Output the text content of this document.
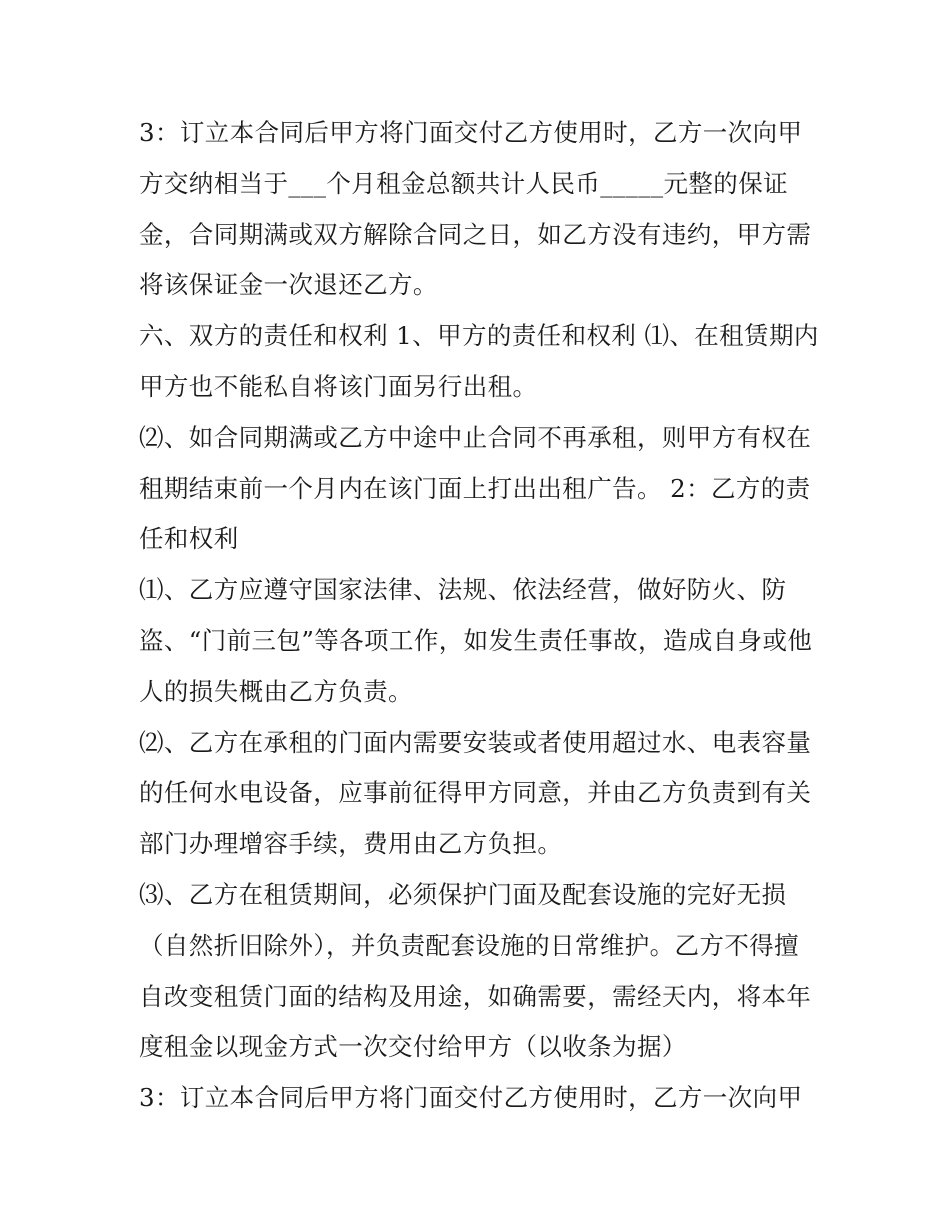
3：订立本合同后甲方将门面交付乙方使用时，乙方一次向甲
方交纳相当于___个月租金总额共计人民币_____元整的保证
金，合同期满或双方解除合同之日，如乙方没有违约，甲方需
将该保证金一次退还乙方。
六、双方的责任和权利 1、甲方的责任和权利 ⑴、在租赁期内
甲方也不能私自将该门面另行出租。
⑵、如合同期满或乙方中途中止合同不再承租，则甲方有权在
租期结束前一个月内在该门面上打出出租广告。 2：乙方的责
任和权利
⑴、乙方应遵守国家法律、法规、依法经营，做好防火、防
盗、“门前三包”等各项工作，如发生责任事故，造成自身或他
人的损失概由乙方负责。
⑵、乙方在承租的门面内需要安装或者使用超过水、电表容量
的任何水电设备，应事前征得甲方同意，并由乙方负责到有关
部门办理增容手续，费用由乙方负担。
⑶、乙方在租赁期间，必须保护门面及配套设施的完好无损
（自然折旧除外），并负责配套设施的日常维护。乙方不得擅
自改变租赁门面的结构及用途，如确需要，需经天内，将本年
度租金以现金方式一次交付给甲方（以收条为据）
3：订立本合同后甲方将门面交付乙方使用时，乙方一次向甲
